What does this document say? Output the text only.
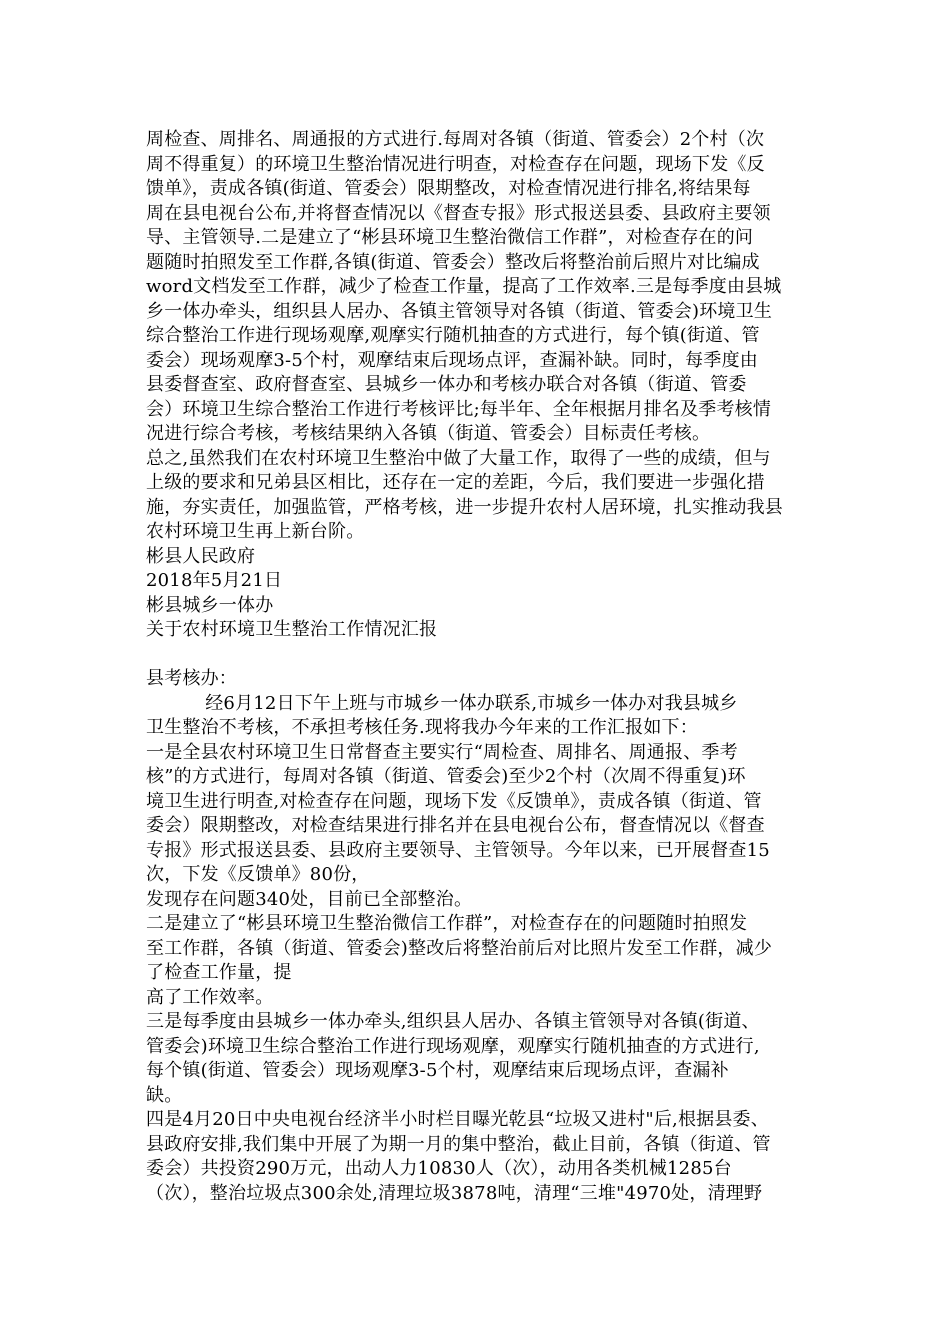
周检查、周排名、周通报的方式进行.每周对各镇（街道、管委会）2个村（次
周不得重复）的环境卫生整治情况进行明查，对检查存在问题，现场下发《反
馈单》，责成各镇(街道、管委会）限期整改，对检查情况进行排名,将结果每
周在县电视台公布,并将督查情况以《督查专报》形式报送县委、县政府主要领
导、主管领导.二是建立了“彬县环境卫生整治微信工作群”，对检查存在的问
题随时拍照发至工作群,各镇(街道、管委会）整改后将整治前后照片对比编成
word文档发至工作群，减少了检查工作量，提高了工作效率.三是每季度由县城
乡一体办牵头，组织县人居办、各镇主管领导对各镇（街道、管委会)环境卫生
综合整治工作进行现场观摩,观摩实行随机抽查的方式进行，每个镇(街道、管
委会）现场观摩3-5个村，观摩结束后现场点评，查漏补缺。同时，每季度由
县委督查室、政府督查室、县城乡一体办和考核办联合对各镇（街道、管委
会）环境卫生综合整治工作进行考核评比;每半年、全年根据月排名及季考核情
况进行综合考核，考核结果纳入各镇（街道、管委会）目标责任考核。
总之,虽然我们在农村环境卫生整治中做了大量工作，取得了一些的成绩，但与
上级的要求和兄弟县区相比，还存在一定的差距，今后，我们要进一步强化措
施，夯实责任，加强监管，严格考核，进一步提升农村人居环境，扎实推动我县
农村环境卫生再上新台阶。
彬县人民政府
2018年5月21日
彬县城乡一体办
关于农村环境卫生整治工作情况汇报
县考核办：
经6月12日下午上班与市城乡一体办联系,市城乡一体办对我县城乡
卫生整治不考核，不承担考核任务.现将我办今年来的工作汇报如下：
一是全县农村环境卫生日常督查主要实行“周检查、周排名、周通报、季考
核”的方式进行，每周对各镇（街道、管委会)至少2个村（次周不得重复)环
境卫生进行明查,对检查存在问题，现场下发《反馈单》，责成各镇（街道、管
委会）限期整改，对检查结果进行排名并在县电视台公布，督查情况以《督查
专报》形式报送县委、县政府主要领导、主管领导。今年以来，已开展督查15
次，下发《反馈单》80份，
发现存在问题340处，目前已全部整治。
二是建立了“彬县环境卫生整治微信工作群”，对检查存在的问题随时拍照发
至工作群，各镇（街道、管委会)整改后将整治前后对比照片发至工作群，减少
了检查工作量，提
高了工作效率。
三是每季度由县城乡一体办牵头,组织县人居办、各镇主管领导对各镇(街道、
管委会)环境卫生综合整治工作进行现场观摩，观摩实行随机抽查的方式进行,
每个镇(街道、管委会）现场观摩3-5个村，观摩结束后现场点评，查漏补
缺。
四是4月20日中央电视台经济半小时栏目曝光乾县“垃圾又进村"后,根据县委、
县政府安排,我们集中开展了为期一月的集中整治，截止目前，各镇（街道、管
委会）共投资290万元，出动人力10830人（次），动用各类机械1285台
（次），整治垃圾点300余处,清理垃圾3878吨，清理“三堆"4970处，清理野
